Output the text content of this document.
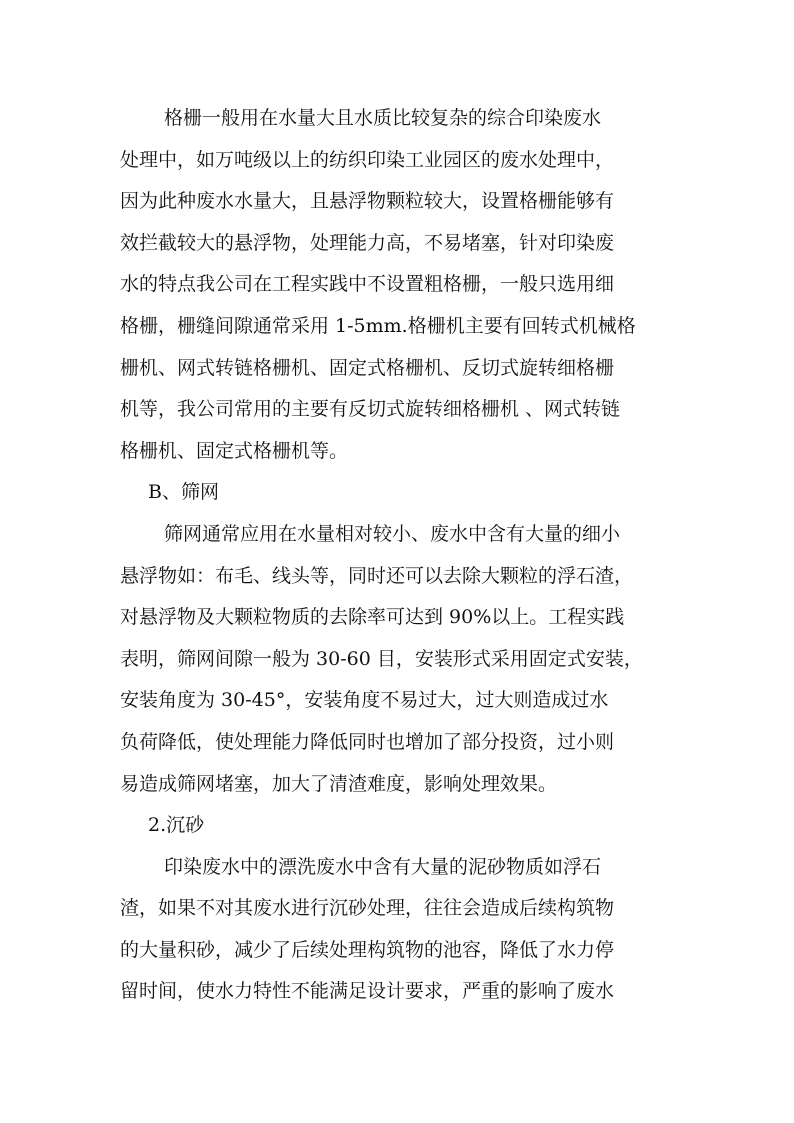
格栅一般用在水量大且水质比较复杂的综合印染废水
处理中，如万吨级以上的纺织印染工业园区的废水处理中，
因为此种废水水量大，且悬浮物颗粒较大，设置格栅能够有
效拦截较大的悬浮物，处理能力高，不易堵塞，针对印染废
水的特点我公司在工程实践中不设置粗格栅，一般只选用细
格栅，栅缝间隙通常采用 1-5mm.格栅机主要有回转式机械格
栅机、网式转链格栅机、固定式格栅机、反切式旋转细格栅
机等，我公司常用的主要有反切式旋转细格栅机 、网式转链
格栅机、固定式格栅机等。
B、筛网
筛网通常应用在水量相对较小、废水中含有大量的细小
悬浮物如：布毛、线头等，同时还可以去除大颗粒的浮石渣，
对悬浮物及大颗粒物质的去除率可达到 90%以上。工程实践
表明，筛网间隙一般为 30-60 目，安装形式采用固定式安装，
安装角度为 30-45°，安装角度不易过大，过大则造成过水
负荷降低，使处理能力降低同时也增加了部分投资，过小则
易造成筛网堵塞，加大了清渣难度，影响处理效果。
2.沉砂
印染废水中的漂洗废水中含有大量的泥砂物质如浮石
渣，如果不对其废水进行沉砂处理，往往会造成后续构筑物
的大量积砂，减少了后续处理构筑物的池容，降低了水力停
留时间，使水力特性不能满足设计要求，严重的影响了废水
